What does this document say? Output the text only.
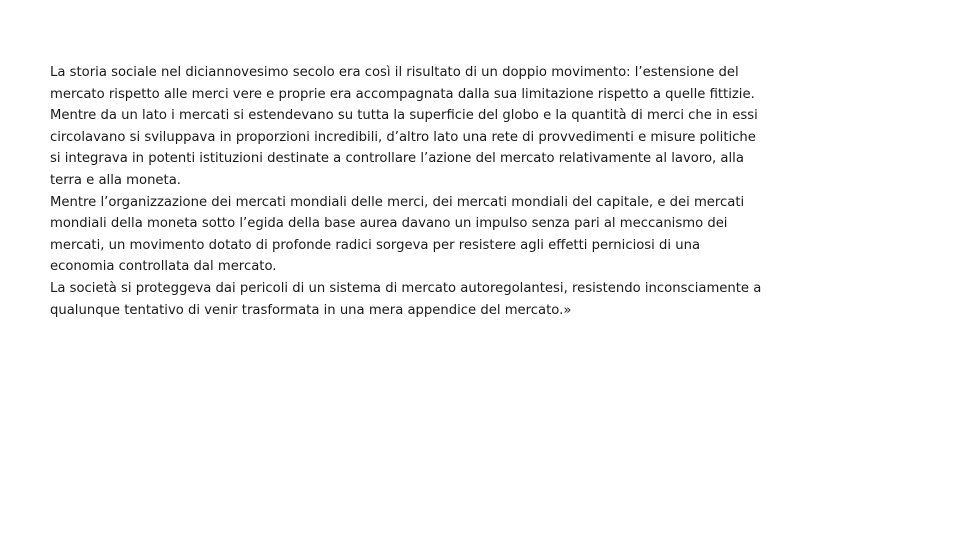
La storia sociale nel diciannovesimo secolo era così il risultato di un doppio movimento: l’estensione del
mercato rispetto alle merci vere e proprie era accompagnata dalla sua limitazione rispetto a quelle fittizie.
Mentre da un lato i mercati si estendevano su tutta la superficie del globo e la quantità di merci che in essi
circolavano si sviluppava in proporzioni incredibili, d’altro lato una rete di provvedimenti e misure politiche
si integrava in potenti istituzioni destinate a controllare l’azione del mercato relativamente al lavoro, alla
terra e alla moneta.
Mentre l’organizzazione dei mercati mondiali delle merci, dei mercati mondiali del capitale, e dei mercati
mondiali della moneta sotto l’egida della base aurea davano un impulso senza pari al meccanismo dei
mercati, un movimento dotato di profonde radici sorgeva per resistere agli effetti perniciosi di una
economia controllata dal mercato.
La società si proteggeva dai pericoli di un sistema di mercato autoregolantesi, resistendo inconsciamente a
qualunque tentativo di venir trasformata in una mera appendice del mercato.»
